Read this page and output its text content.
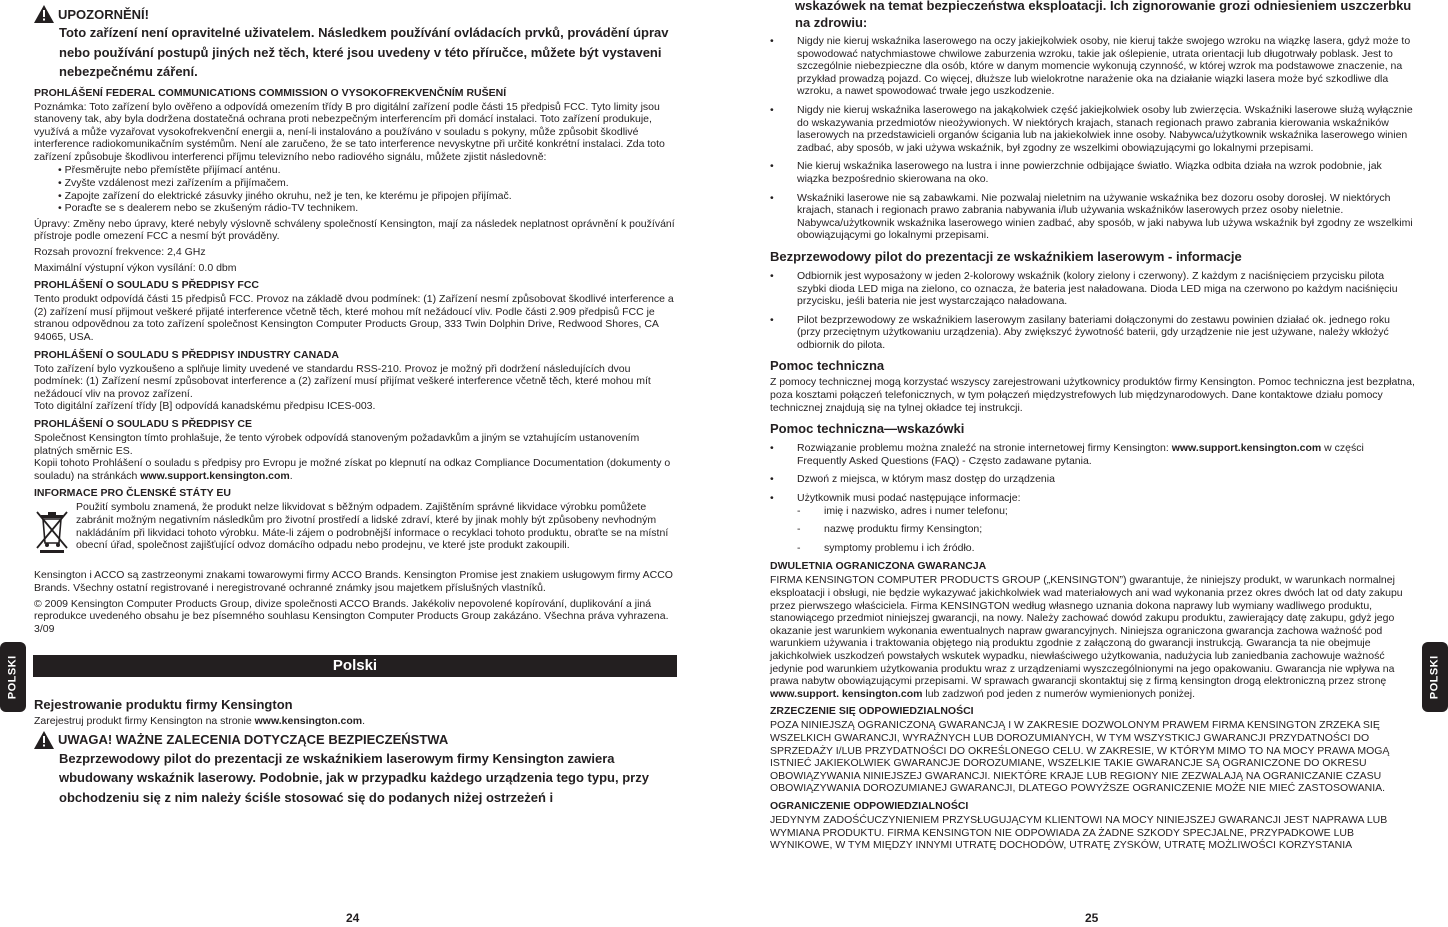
POLSKI	POLSKI
UPOZORNĚNÍ!
Toto zařízení není opravitelné uživatelem. Následkem používání ovládacích prvků, provádění úprav nebo používání postupů jiných než těch, které jsou uvedeny v této příručce, můžete být vystaveni nebezpečnému záření.
PROHLÁŠENÍ FEDERAL COMMUNICATIONS COMMISSION O VYSOKOFREKVENČNÍM RUŠENÍ

Poznámka: Toto zařízení bylo ověřeno a odpovídá omezením třídy B pro digitální zařízení podle části 15 předpisů FCC. Tyto limity jsou stanoveny tak, aby byla dodržena dostatečná ochrana proti nebezpečným interferencím při domácí instalaci. Toto zařízení produkuje, využívá a může vyzařovat vysokofrekvenční energii a, není-li instalováno a používáno v souladu s pokyny, může způsobit škodlivé interference radiokomunikačním systémům. Není ale zaručeno, že se tato interference nevyskytne při určité konkrétní instalaci. Zda toto zařízení způsobuje škodlivou interferenci příjmu televizního nebo radiového signálu, můžete zjistit následovně:

• Přesměrujte nebo přemístěte přijímací anténu.
• Zvyšte vzdálenost mezi zařízením a přijímačem.
• Zapojte zařízení do elektrické zásuvky jiného okruhu, než je ten, ke kterému je připojen přijímač.
• Poraďte se s dealerem nebo se zkušeným rádio-TV technikem.

Úpravy: Změny nebo úpravy, které nebyly výslovně schváleny společností Kensington, mají za následek neplatnost oprávnění k používání přístroje podle omezení FCC a nesmí být prováděny.

Rozsah provozní frekvence: 2,4 GHz

Maximální výstupní výkon vysílání: 0.0 dbm

PROHLÁŠENÍ O SOULADU S PŘEDPISY FCC

Tento produkt odpovídá části 15 předpisů FCC. Provoz na základě dvou podmínek: (1) Zařízení nesmí způsobovat škodlivé interference a (2) zařízení musí přijmout veškeré přijaté interference včetně těch, které mohou mít nežádoucí vliv. Podle části 2.909 předpisů FCC je stranou odpovědnou za toto zařízení společnost Kensington Computer Products Group, 333 Twin Dolphin Drive, Redwood Shores, CA 94065, USA.

PROHLÁŠENÍ O SOULADU S PŘEDPISY INDUSTRY CANADA

Toto zařízení bylo vyzkoušeno a splňuje limity uvedené ve standardu RSS-210. Provoz je možný při dodržení následujících dvou podmínek: (1) Zařízení nesmí způsobovat interference a (2) zařízení musí přijímat veškeré interference včetně těch, které mohou mít nežádoucí vliv na provoz zařízení.

Toto digitální zařízení třídy [B] odpovídá kanadskému předpisu ICES-003.

PROHLÁŠENÍ O SOULADU S PŘEDPISY CE

Společnost Kensington tímto prohlašuje, že tento výrobek odpovídá stanoveným požadavkům a jiným se vztahujícím ustanovením platných směrnic ES.

Kopii tohoto Prohlášení o souladu s předpisy pro Evropu je možné získat po klepnutí na odkaz Compliance Documentation (dokumenty o souladu) na stránkách www.support.kensington.com.

INFORMACE PRO ČLENSKÉ STÁTY EU

Použití symbolu znamená, že produkt nelze likvidovat s běžným odpadem. Zajištěním správné likvidace výrobku pomůžete zabránit možným negativním následkům pro životní prostředí a lidské zdraví, které by jinak mohly být způsobeny nevhodným nakládáním při likvidaci tohoto výrobku. Máte-li zájem o podrobnější informace o recyklaci tohoto produktu, obraťte se na místní obecní úřad, společnost zajišťující odvoz domácího odpadu nebo prodejnu, ve které jste produkt zakoupili.

Kensington i ACCO są zastrzeonymi znakami towarowymi firmy ACCO Brands. Kensington Promise jest znakiem usługowym firmy ACCO Brands. Všechny ostatní registrované i neregistrované ochranné známky jsou majetkem příslušných vlastníků.

© 2009 Kensington Computer Products Group, divize společnosti ACCO Brands. Jakékoliv nepovolené kopírování, duplikování a jiná reprodukce uvedeného obsahu je bez písemného souhlasu Kensington Computer Products Group zakázáno. Všechna práva vyhrazena. 3/09

Polski
Rejestrowanie produktu firmy Kensington

Zarejestruj produkt firmy Kensington na stronie www.kensington.com.

UWAGA! WAŻNE ZALECENIA DOTYCZĄCE BEZPIECZEŃSTWA
Bezprzewodowy pilot do prezentacji ze wskaźnikiem laserowym firmy Kensington zawiera wbudowany wskaźnik laserowy. Podobnie, jak w przypadku każdego urządzenia tego typu, przy obchodzeniu się z nim należy ściśle stosować się do podanych niżej ostrzeżeń i
24
wskazówek na temat bezpieczeństwa eksploatacji. Ich zignorowanie grozi odniesieniem uszczerbku na zdrowiu:
• Nigdy nie kieruj wskaźnika laserowego na oczy jakiejkolwiek osoby, nie kieruj także swojego wzroku na wiązkę lasera, gdyż może to spowodować natychmiastowe chwilowe zaburzenia wzroku, takie jak oślepienie, utrata orientacji lub długotrwały poblask. Jest to szczególnie niebezpieczne dla osób, które w danym momencie wykonują czynność, w której wzrok ma podstawowe znaczenie, na przykład prowadzą pojazd. Co więcej, dłuższe lub wielokrotne narażenie oka na działanie wiązki lasera może być szkodliwe dla wzroku, a nawet spowodować trwałe jego uszkodzenie.
• Nigdy nie kieruj wskaźnika laserowego na jakąkolwiek część jakiejkolwiek osoby lub zwierzęcia. Wskaźniki laserowe służą wyłącznie do wskazywania przedmiotów nieożywionych. W niektórych krajach, stanach regionach prawo zabrania kierowania wskaźników laserowych na przedstawicieli organów ścigania lub na jakiekolwiek inne osoby. Nabywca/użytkownik wskaźnika laserowego winien zadbać, aby sposób, w jaki używa wskaźnik, był zgodny ze wszelkimi obowiązującymi go lokalnymi przepisami.
• Nie kieruj wskaźnika laserowego na lustra i inne powierzchnie odbijające światło. Wiązka odbita działa na wzrok podobnie, jak wiązka bezpośrednio skierowana na oko.
• Wskaźniki laserowe nie są zabawkami. Nie pozwalaj nieletnim na używanie wskaźnika bez dozoru osoby dorosłej. W niektórych krajach, stanach i regionach prawo zabrania nabywania i/lub używania wskaźników laserowych przez osoby nieletnie. Nabywca/użytkownik wskaźnika laserowego winien zadbać, aby sposób, w jaki nabywa lub używa wskaźnik był zgodny ze wszelkimi obowiązującymi go lokalnymi przepisami.
Bezprzewodowy pilot do prezentacji ze wskaźnikiem laserowym - informacje
• Odbiornik jest wyposażony w jeden 2-kolorowy wskaźnik (kolory zielony i czerwony). Z każdym z naciśnięciem przycisku pilota szybki dioda LED miga na zielono, co oznacza, że bateria jest naładowana. Dioda LED miga na czerwono po każdym naciśnięciu przycisku, jeśli bateria nie jest wystarczająco naładowana.
• Pilot bezprzewodowy ze wskaźnikiem laserowym zasilany bateriami dołączonymi do zestawu powinien działać ok. jednego roku (przy przeciętnym użytkowaniu urządzenia). Aby zwiększyć żywotność baterii, gdy urządzenie nie jest używane, należy wkłożyć odbiornik do pilota.
Pomoc techniczna

Z pomocy technicznej mogą korzystać wszyscy zarejestrowani użytkownicy produktów firmy Kensington. Pomoc techniczna jest bezpłatna, poza kosztami połączeń telefonicznych, w tym połączeń międzystrefowych lub międzynarodowych. Dane kontaktowe działu pomocy technicznej znajdują się na tylnej okładce tej instrukcji.

Pomoc techniczna—wskazówki
• Rozwiązanie problemu można znaleźć na stronie internetowej firmy Kensington: www.support.kensington.com w części Frequently Asked Questions (FAQ) - Często zadawane pytania.
• Dzwoń z miejsca, w którym masz dostęp do urządzenia
• Użytkownik musi podać następujące informacje:
- imię i nazwisko, adres i numer telefonu;
- nazwę produktu firmy Kensington;
- symptomy problemu i ich źródło.
DWULETNIA OGRANICZONA GWARANCJA

FIRMA KENSINGTON COMPUTER PRODUCTS GROUP („KENSINGTON”) gwarantuje, że niniejszy produkt, w warunkach normalnej eksploatacji i obsługi, nie będzie wykazywać jakichkolwiek wad materiałowych ani wad wykonania przez okres dwóch lat od daty zakupu przez pierwszego właściciela. Firma KENSINGTON według własnego uznania dokona naprawy lub wymiany wadliwego produktu, stanowiącego przedmiot niniejszej gwarancji, na nowy. Należy zachować dowód zakupu produktu, zawierający datę zakupu, gdyż jego okazanie jest warunkiem wykonania ewentualnych napraw gwarancyjnych. Niniejsza ograniczona gwarancja zachowa ważność pod warunkiem używania i traktowania objętego nią produktu zgodnie z załączoną do gwarancji instrukcją. Gwarancja ta nie obejmuje jakichkolwiek uszkodzeń powstałych wskutek wypadku, niewłaściwego użytkowania, nadużycia lub zaniedbania zachowuje ważność jedynie pod warunkiem użytkowania produktu wraz z urządzeniami wyszczególnionymi na jego opakowaniu. Gwarancja nie wpływa na prawa nabytw obowiązującymi przepisami. W sprawach gwarancji skontaktuj się z firmą kensington drogą elektroniczną przez stronę www.support. kensington.com lub zadzwoń pod jeden z numerów wymienionych poniżej.

ZRZECZENIE SIĘ ODPOWIEDZIALNOŚCI

POZA NINIEJSZĄ OGRANICZONĄ GWARANCJĄ I W ZAKRESIE DOZWOLONYM PRAWEM FIRMA KENSINGTON ZRZEKA SIĘ WSZELKICH GWARANCJI, WYRAŹNYCH LUB DOROZUMIANYCH, W TYM WSZYSTKICJ GWARANCJI PRZYDATNOŚCI DO SPRZEDAŻY I/LUB PRZYDATNOŚCI DO OKREŚLONEGO CELU. W ZAKRESIE, W KTÓRYM MIMO TO NA MOCY PRAWA MOGĄ ISTNIEĆ JAKIEKOLWIEK GWARANCJE DOROZUMIANE, WSZELKIE TAKIE GWARANCJE SĄ OGRANICZONE DO OKRESU OBOWIĄZYWANIA NINIEJSZEJ GWARANCJI. NIEKTÓRE KRAJE LUB REGIONY NIE ZEZWALAJĄ NA OGRANICZANIE CZASU OBOWIĄZYWANIA DOROZUMIANEJ GWARANCJI, DLATEGO POWYŻSZE OGRANICZENIE MOŻE NIE MIEĆ ZASTOSOWANIA.

OGRANICZENIE ODPOWIEDZIALNOŚCI

JEDYNYM ZADOŚĆUCZYNIENIEM PRZYSŁUGUJĄCYM KLIENTOWI NA MOCY NINIEJSZEJ GWARANCJI JEST NAPRAWA LUB WYMIANA PRODUKTU. FIRMA KENSINGTON NIE ODPOWIADA ZA ŻADNE SZKODY SPECJALNE, PRZYPADKOWE LUB WYNIKOWE, W TYM MIĘDZY INNYMI UTRATĘ DOCHODÓW, UTRATĘ ZYSKÓW, UTRATĘ MOŻLIWOŚCI KORZYSTANIA

25
